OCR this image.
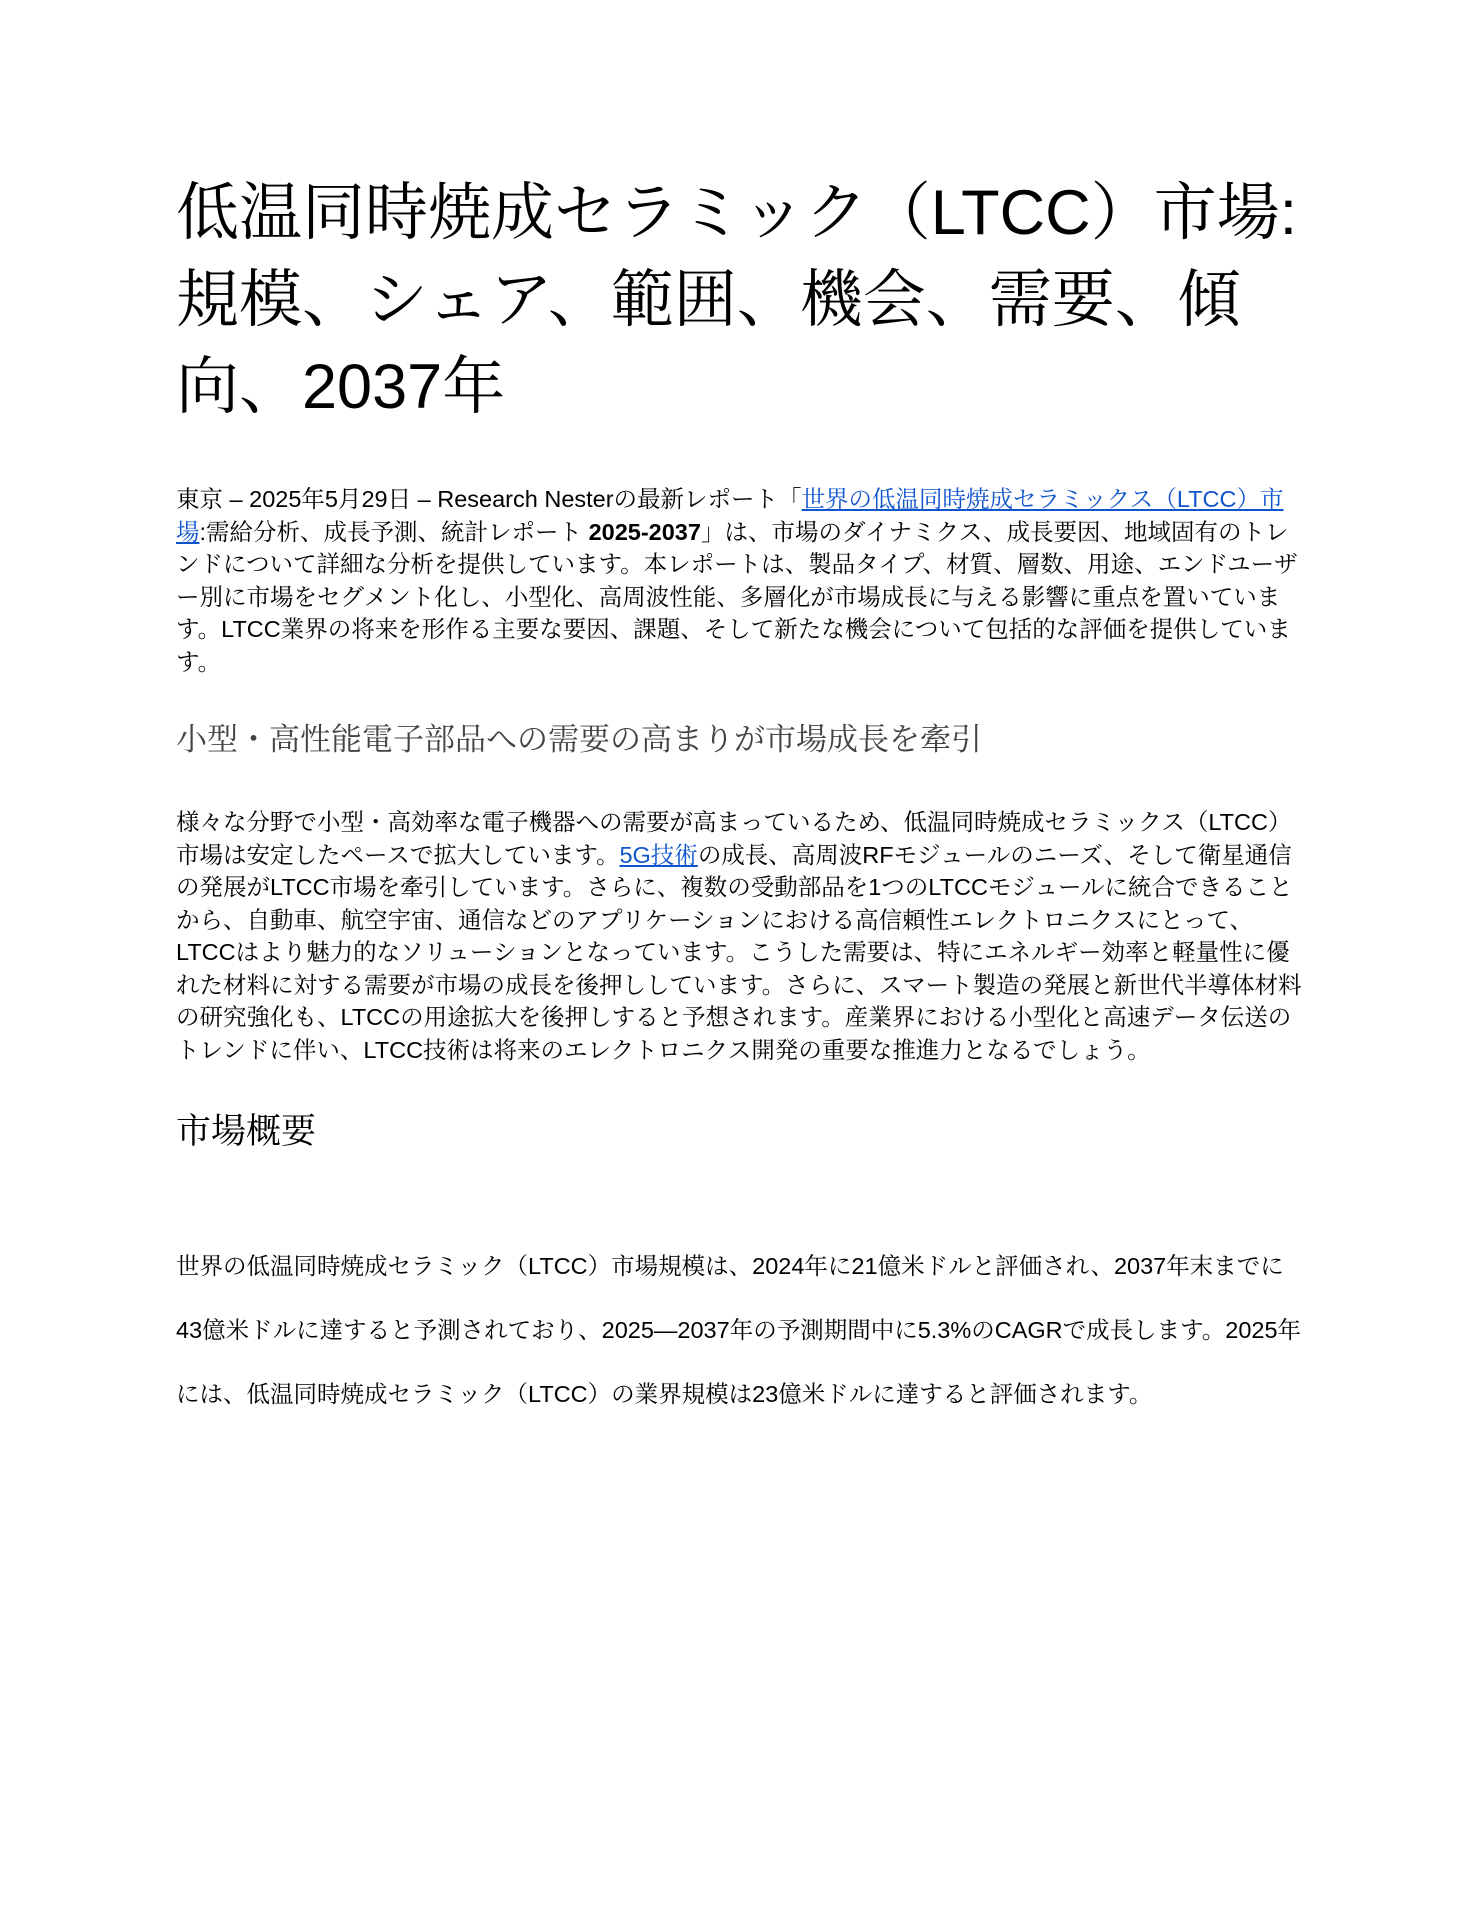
低温同時焼成セラミック（LTCC）市場:規模、シェア、範囲、機会、需要、傾向、2037年

東京 – 2025年5月29日 – Research Nesterの最新レポート「世界の低温同時焼成セラミックス（LTCC）市場:需給分析、成長予測、統計レポート 2025-2037」は、市場のダイナミクス、成長要因、地域固有のトレンドについて詳細な分析を提供しています。本レポートは、製品タイプ、材質、層数、用途、エンドユーザー別に市場をセグメント化し、小型化、高周波性能、多層化が市場成長に与える影響に重点を置いています。LTCC業界の将来を形作る主要な要因、課題、そして新たな機会について包括的な評価を提供しています。

小型・高性能電子部品への需要の高まりが市場成長を牽引

様々な分野で小型・高効率な電子機器への需要が高まっているため、低温同時焼成セラミックス（LTCC）市場は安定したペースで拡大しています。5G技術の成長、高周波RFモジュールのニーズ、そして衛星通信の発展がLTCC市場を牽引しています。さらに、複数の受動部品を1つのLTCCモジュールに統合できることから、自動車、航空宇宙、通信などのアプリケーションにおける高信頼性エレクトロニクスにとって、LTCCはより魅力的なソリューションとなっています。こうした需要は、特にエネルギー効率と軽量性に優れた材料に対する需要が市場の成長を後押ししています。さらに、スマート製造の発展と新世代半導体材料の研究強化も、LTCCの用途拡大を後押しすると予想されます。産業界における小型化と高速データ伝送のトレンドに伴い、LTCC技術は将来のエレクトロニクス開発の重要な推進力となるでしょう。

市場概要

世界の低温同時焼成セラミック（LTCC）市場規模は、2024年に21億米ドルと評価され、2037年末までに43億米ドルに達すると予測されており、2025—2037年の予測期間中に5.3%のCAGRで成長します。2025年には、低温同時焼成セラミック（LTCC）の業界規模は23億米ドルに達すると評価されます。
